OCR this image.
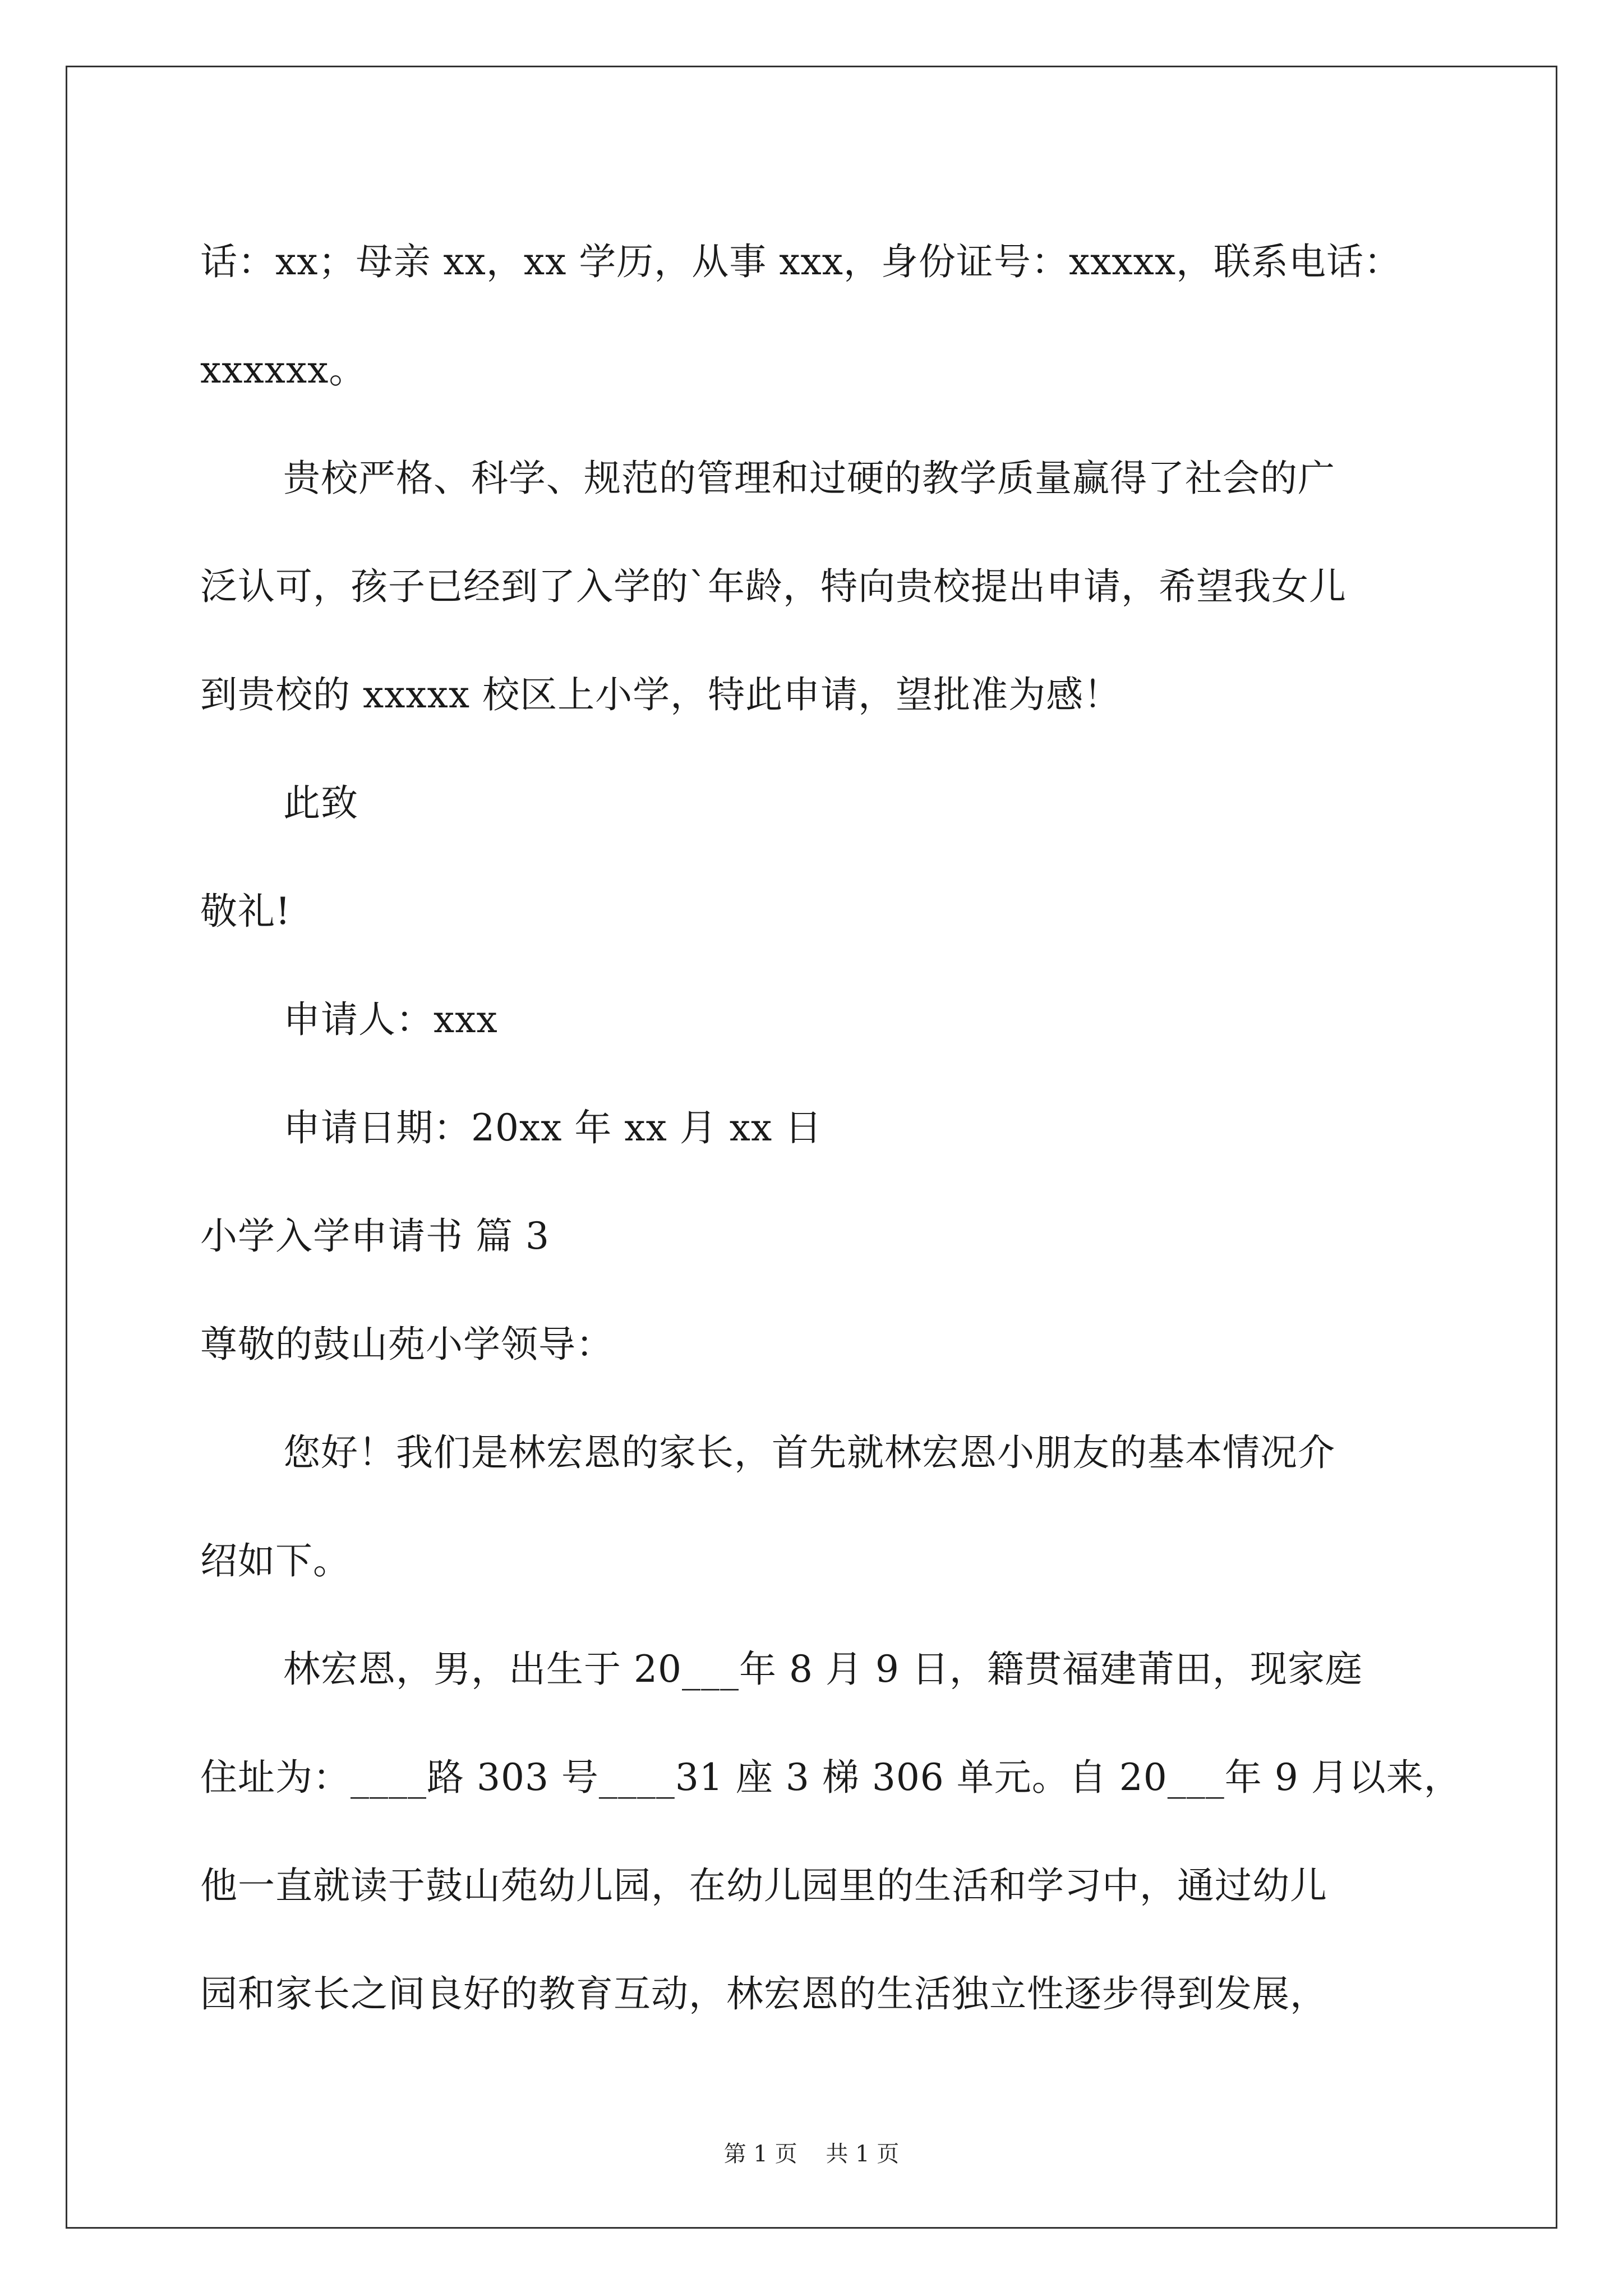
话：xx；母亲 xx，xx 学历，从事 xxx，身份证号：xxxxx，联系电话：
xxxxxx。
贵校严格、科学、规范的管理和过硬的教学质量赢得了社会的广
泛认可，孩子已经到了入学的`年龄，特向贵校提出申请，希望我女儿
到贵校的 xxxxx 校区上小学，特此申请，望批准为感！
此致
敬礼!
申请人：xxx
申请日期：20xx 年 xx 月 xx 日
小学入学申请书 篇 3
尊敬的鼓山苑小学领导：
您好！我们是林宏恩的家长，首先就林宏恩小朋友的基本情况介
绍如下。
林宏恩，男，出生于 20___年 8 月 9 日，籍贯福建莆田，现家庭
住址为：____路 303 号____31 座 3 梯 306 单元。自 20___年 9 月以来，
他一直就读于鼓山苑幼儿园，在幼儿园里的生活和学习中，通过幼儿
园和家长之间良好的教育互动，林宏恩的生活独立性逐步得到发展，
第 1 页    共 1 页
